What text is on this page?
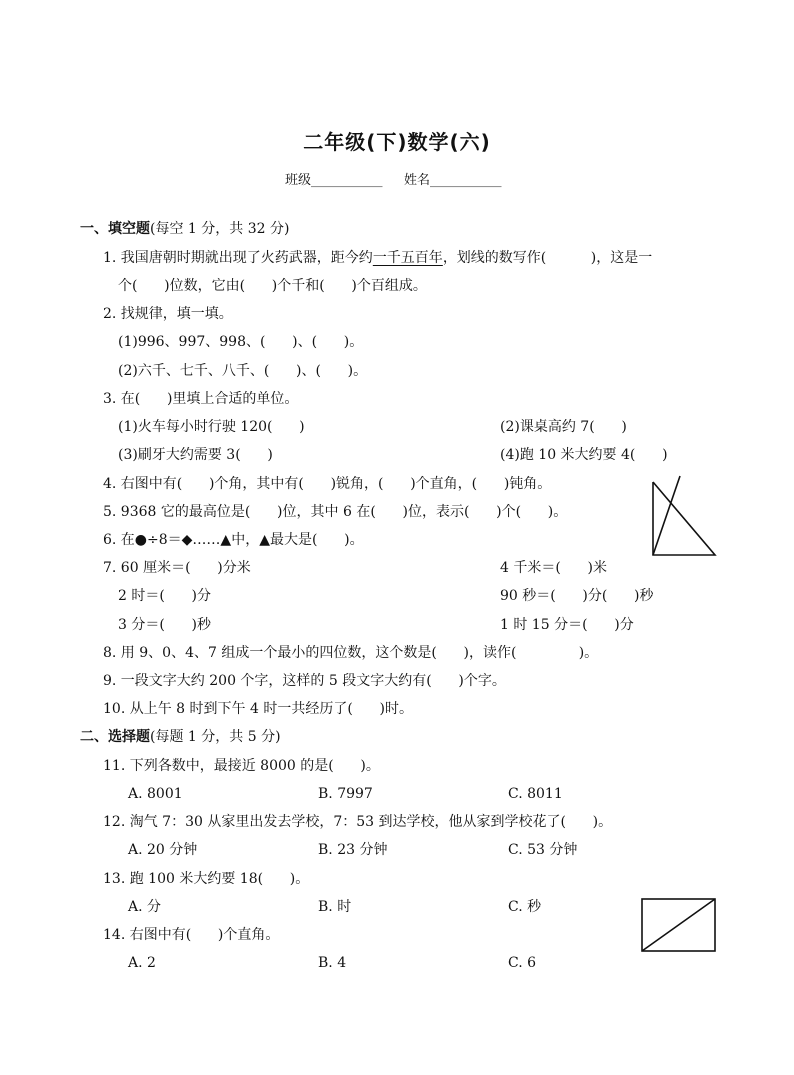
二年级(下)数学(六)
班级___________ 姓名___________
一、填空题(每空 1 分，共 32 分)
1. 我国唐朝时期就出现了火药武器，距今约一千五百年，划线的数写作(          )，这是一
个(      )位数，它由(      )个千和(      )个百组成。
2. 找规律，填一填。
(1)996、997、998、(      )、(      )。
(2)六千、七千、八千、(      )、(      )。
3. 在(      )里填上合适的单位。
(1)火车每小时行驶 120(      )	(2)课桌高约 7(      )
(3)刷牙大约需要 3(      )	(4)跑 10 米大约要 4(      )
4. 右图中有(      )个角，其中有(      )锐角，(      )个直角，(      )钝角。
5. 9368 它的最高位是(      )位，其中 6 在(      )位，表示(      )个(      )。
6. 在●÷8＝◆……▲中，▲最大是(      )。
7. 60 厘米＝(      )分米	4 千米＝(      )米
2 时＝(      )分	90 秒＝(      )分(      )秒
3 分＝(      )秒	1 时 15 分＝(      )分
8. 用 9、0、4、7 组成一个最小的四位数，这个数是(      )，读作(              )。
9. 一段文字大约 200 个字，这样的 5 段文字大约有(      )个字。
10. 从上午 8 时到下午 4 时一共经历了(      )时。
二、选择题(每题 1 分，共 5 分)
11. 下列各数中，最接近 8000 的是(      )。
A. 8001	B. 7997	C. 8011
12. 淘气 7：30 从家里出发去学校，7：53 到达学校，他从家到学校花了(      )。
A. 20 分钟	B. 23 分钟	C. 53 分钟
13. 跑 100 米大约要 18(      )。
A. 分	B. 时	C. 秒
14. 右图中有(      )个直角。
A. 2	B. 4	C. 6
